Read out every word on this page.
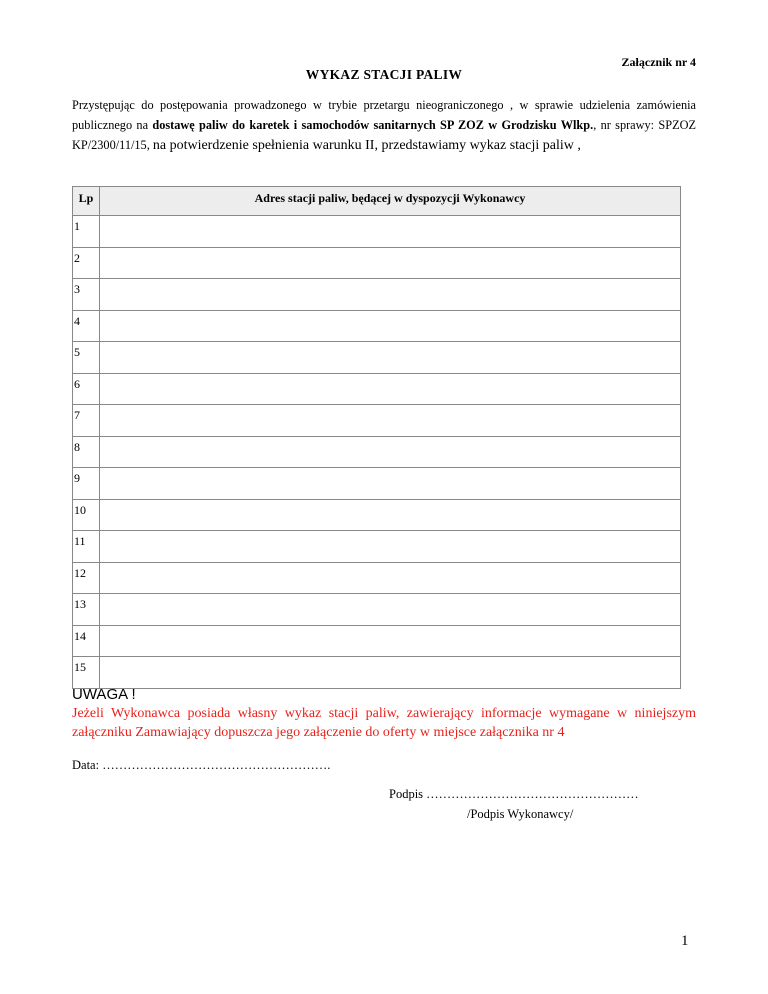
Załącznik nr 4
WYKAZ STACJI PALIW
Przystępując do postępowania prowadzonego w trybie przetargu nieograniczonego , w sprawie udzielenia zamówienia publicznego na dostawę paliw do karetek i samochodów sanitarnych SP ZOZ w Grodzisku Wlkp., nr sprawy: SPZOZ KP/2300/11/15, na potwierdzenie spełnienia warunku II, przedstawiamy wykaz stacji paliw ,
Lp	Adres stacji paliw, będącej w dyspozycji Wykonawcy
1	
2	
3	
4	
5	
6	
7	
8	
9	
10	
11	
12	
13	
14	
15	
UWAGA !
Jeżeli Wykonawca posiada własny wykaz stacji paliw, zawierający informacje wymagane w niniejszym załączniku Zamawiający dopuszcza jego załączenie do oferty w miejsce załącznika nr 4
Data: ……………………………………………….
Podpis ……………………………………………
/Podpis Wykonawcy/
1
